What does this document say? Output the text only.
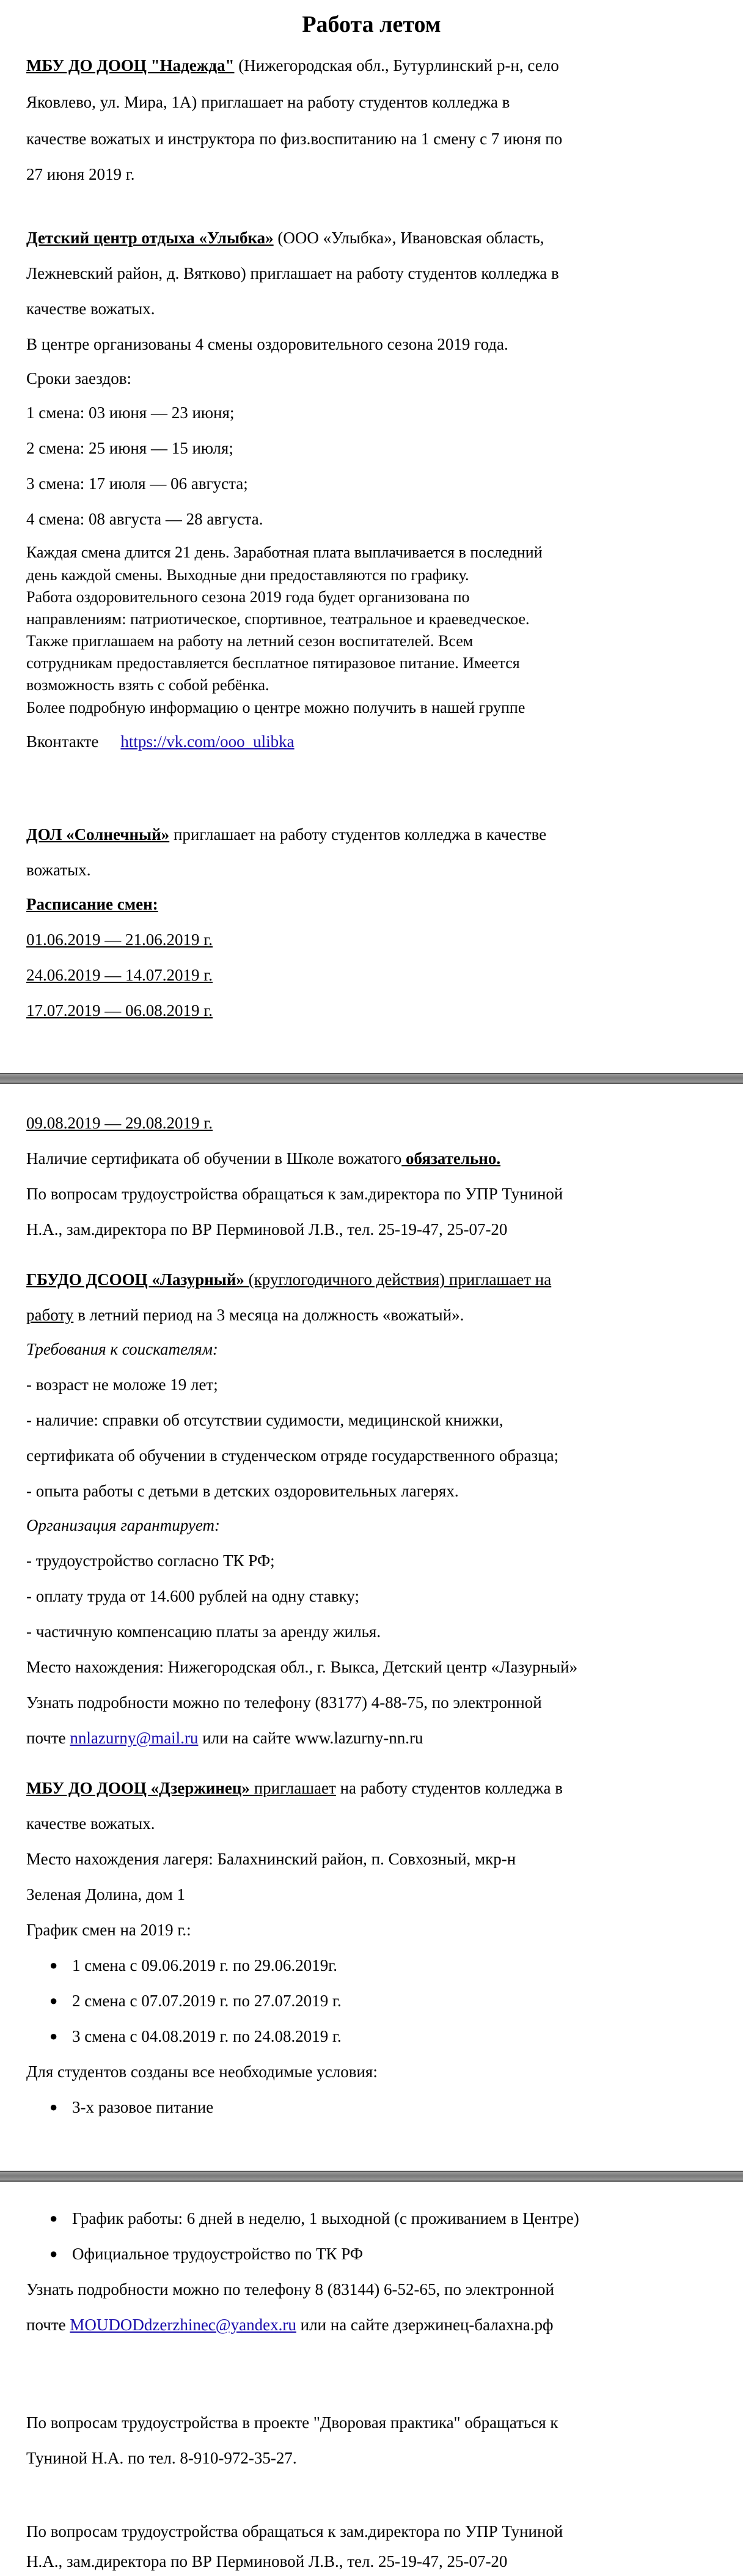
Работа летом
МБУ ДО ДООЦ "Надежда" (Нижегородская обл., Бутурлинский р-н, село
Яковлево, ул. Мира, 1А) приглашает на работу студентов колледжа в
качестве вожатых и инструктора по физ.воспитанию на 1 смену с 7 июня по
27 июня 2019 г.
Детский центр отдыха «Улыбка» (ООО «Улыбка», Ивановская область,
Лежневский район, д. Вятково) приглашает на работу студентов колледжа в
качестве вожатых.
В центре организованы 4 смены оздоровительного сезона 2019 года.
Сроки заездов:
1 смена: 03 июня — 23 июня;
2 смена: 25 июня — 15 июля;
3 смена: 17 июля — 06 августа;
4 смена: 08 августа — 28 августа.
Каждая смена длится 21 день. Заработная плата выплачивается в последний
день каждой смены. Выходные дни предоставляются по графику.
Работа оздоровительного сезона 2019 года будет организована по
направлениям: патриотическое, спортивное, театральное и краеведческое.
Также приглашаем на работу на летний сезон воспитателей. Всем
сотрудникам предоставляется бесплатное пятиразовое питание. Имеется
возможность взять с собой ребёнка.
Более подробную информацию о центре можно получить в нашей группе
Вконтакте https://vk.com/ooo_ulibka
ДОЛ «Солнечный» приглашает на работу студентов колледжа в качестве
вожатых.
Расписание смен:
01.06.2019 — 21.06.2019 г.
24.06.2019 — 14.07.2019 г.
17.07.2019 — 06.08.2019 г.
09.08.2019 — 29.08.2019 г.
Наличие сертификата об обучении в Школе вожатого обязательно.
По вопросам трудоустройства обращаться к зам.директора по УПР Туниной
Н.А., зам.директора по ВР Перминовой Л.В., тел. 25-19-47, 25-07-20
ГБУДО ДСООЦ «Лазурный» (круглогодичного действия) приглашает на
работу в летний период на 3 месяца на должность «вожатый».
Требования к соискателям:
- возраст не моложе 19 лет;
- наличие: справки об отсутствии судимости, медицинской книжки,
сертификата об обучении в студенческом отряде государственного образца;
- опыта работы с детьми в детских оздоровительных лагерях.
Организация гарантирует:
- трудоустройство согласно ТК РФ;
- оплату труда от 14.600 рублей на одну ставку;
- частичную компенсацию платы за аренду жилья.
Место нахождения: Нижегородская обл., г. Выкса, Детский центр «Лазурный»
Узнать подробности можно по телефону (83177) 4-88-75, по электронной
почте nnlazurny@mail.ru или на сайте www.lazurny-nn.ru
МБУ ДО ДООЦ «Дзержинец» приглашает на работу студентов колледжа в
качестве вожатых.
Место нахождения лагеря: Балахнинский район, п. Совхозный, мкр-н
Зеленая Долина, дом 1
График смен на 2019 г.:
● 1 смена с 09.06.2019 г. по 29.06.2019г.
● 2 смена с 07.07.2019 г. по 27.07.2019 г.
● 3 смена с 04.08.2019 г. по 24.08.2019 г.
Для студентов созданы все необходимые условия:
● 3-х разовое питание
● График работы: 6 дней в неделю, 1 выходной (с проживанием в Центре)
● Официальное трудоустройство по ТК РФ
Узнать подробности можно по телефону 8 (83144) 6-52-65, по электронной
почте MOUDODdzerzhinec@yandex.ru или на сайте дзержинец-балахна.рф
По вопросам трудоустройства в проекте "Дворовая практика" обращаться к
Туниной Н.А. по тел. 8-910-972-35-27.
По вопросам трудоустройства обращаться к зам.директора по УПР Туниной
Н.А., зам.директора по ВР Перминовой Л.В., тел. 25-19-47, 25-07-20
